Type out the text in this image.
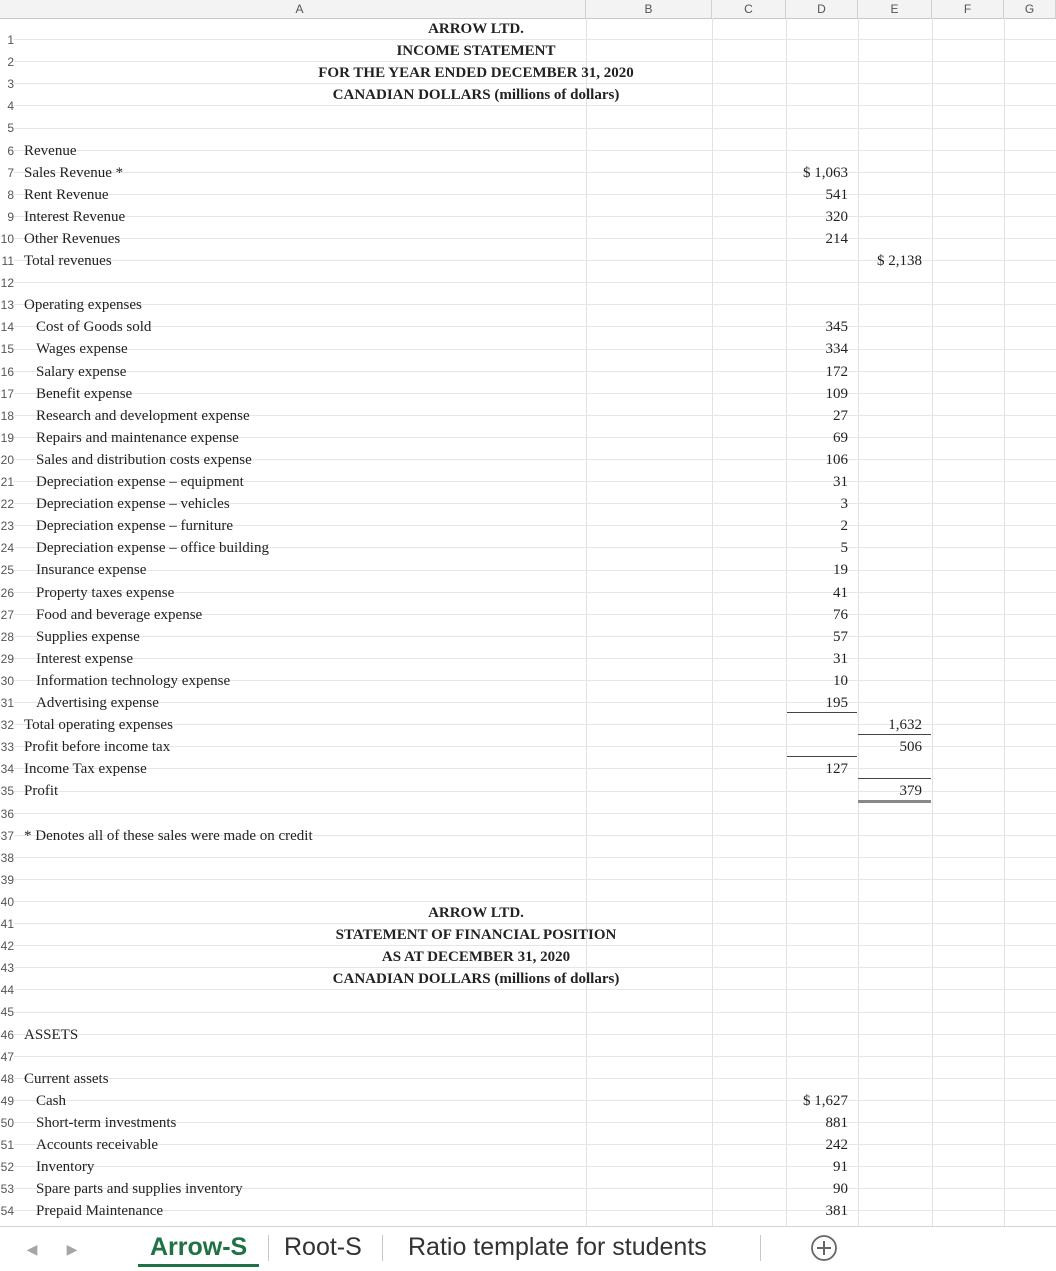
A	B	C	D	E	F	G
1
2
3
4
5
6
7
8
9
10
11
12
13
14
15
16
17
18
19
20
21
22
23
24
25
26
27
28
29
30
31
32
33
34
35
36
37
38
39
40
41
42
43
44
45
46
47
48
49
50
51
52
53
54
ARROW LTD.
INCOME STATEMENT
FOR THE YEAR ENDED DECEMBER 31, 2020
CANADIAN DOLLARS (millions of dollars)
Revenue
Sales Revenue *	$ 1,063
Rent Revenue	541
Interest Revenue	320
Other Revenues	214
Total revenues	$ 2,138
Operating expenses
Cost of Goods sold	345
Wages expense	334
Salary expense	172
Benefit expense	109
Research and development expense	27
Repairs and maintenance expense	69
Sales and distribution costs expense	106
Depreciation expense – equipment	31
Depreciation expense – vehicles	3
Depreciation expense – furniture	2
Depreciation expense – office building	5
Insurance expense	19
Property taxes expense	41
Food and beverage expense	76
Supplies expense	57
Interest expense	31
Information technology expense	10
Advertising expense	195
Total operating expenses	1,632
Profit before income tax	506
Income Tax expense	127
Profit	379
* Denotes all of these sales were made on credit
ARROW LTD.
STATEMENT OF FINANCIAL POSITION
AS AT DECEMBER 31, 2020
CANADIAN DOLLARS (millions of dollars)
ASSETS
Current assets
Cash	$ 1,627
Short-term investments	881
Accounts receivable	242
Inventory	91
Spare parts and supplies inventory	90
Prepaid Maintenance	381
◀	▶	Arrow-S	Root-S	Ratio template for students
